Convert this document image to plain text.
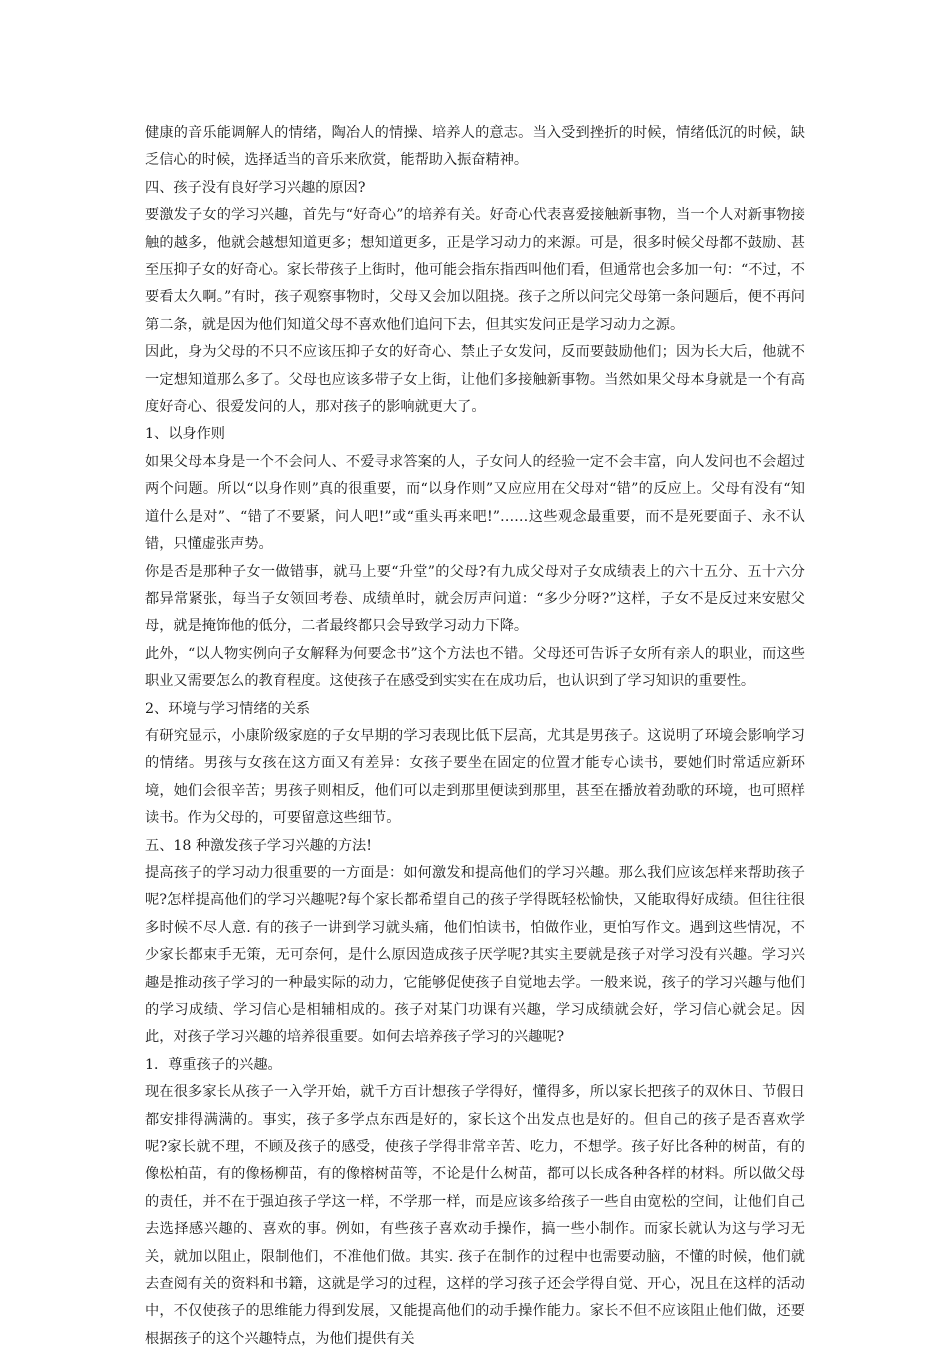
健康的音乐能调解人的情绪，陶冶人的情操、培养人的意志。当入受到挫折的时候，情绪低沉的时候，缺乏信心的时候，选择适当的音乐来欣赏，能帮助入振奋精神。

四、孩子没有良好学习兴趣的原因?

要激发子女的学习兴趣，首先与“好奇心”的培养有关。好奇心代表喜爱接触新事物，当一个人对新事物接触的越多，他就会越想知道更多；想知道更多，正是学习动力的来源。可是，很多时候父母都不鼓励、甚至压抑子女的好奇心。家长带孩子上街时，他可能会指东指西叫他们看，但通常也会多加一句：“不过，不要看太久啊。”有时，孩子观察事物时，父母又会加以阻挠。孩子之所以问完父母第一条问题后，便不再问第二条，就是因为他们知道父母不喜欢他们追问下去，但其实发问正是学习动力之源。

因此，身为父母的不只不应该压抑子女的好奇心、禁止子女发问，反而要鼓励他们；因为长大后，他就不一定想知道那么多了。父母也应该多带子女上街，让他们多接触新事物。当然如果父母本身就是一个有高度好奇心、很爱发问的人，那对孩子的影响就更大了。

1、以身作则

如果父母本身是一个不会问人、不爱寻求答案的人，子女问人的经验一定不会丰富，向人发问也不会超过两个问题。所以“以身作则”真的很重要，而“以身作则”又应应用在父母对“错”的反应上。父母有没有“知道什么是对”、“错了不要紧，问人吧!”或“重头再来吧!”……这些观念最重要，而不是死要面子、永不认错，只懂虚张声势。

你是否是那种子女一做错事，就马上要“升堂”的父母?有九成父母对子女成绩表上的六十五分、五十六分都异常紧张，每当子女领回考卷、成绩单时，就会厉声问道：“多少分呀?”这样，子女不是反过来安慰父母，就是掩饰他的低分，二者最终都只会导致学习动力下降。

此外，“以人物实例向子女解释为何要念书”这个方法也不错。父母还可告诉子女所有亲人的职业，而这些职业又需要怎么的教育程度。这使孩子在感受到实实在在成功后，也认识到了学习知识的重要性。

2、环境与学习情绪的关系

有研究显示，小康阶级家庭的子女早期的学习表现比低下层高，尤其是男孩子。这说明了环境会影响学习的情绪。男孩与女孩在这方面又有差异：女孩子要坐在固定的位置才能专心读书，要她们时常适应新环境，她们会很辛苦；男孩子则相反，他们可以走到那里便读到那里，甚至在播放着劲歌的环境，也可照样读书。作为父母的，可要留意这些细节。

五、18 种激发孩子学习兴趣的方法!

提高孩子的学习动力很重要的一方面是：如何激发和提高他们的学习兴趣。那么我们应该怎样来帮助孩子呢?怎样提高他们的学习兴趣呢?每个家长都希望自己的孩子学得既轻松愉快，又能取得好成绩。但往往很多时候不尽人意. 有的孩子一讲到学习就头痛，他们怕读书，怕做作业，更怕写作文。遇到这些情况，不少家长都束手无策，无可奈何，是什么原因造成孩子厌学呢?其实主要就是孩子对学习没有兴趣。学习兴趣是推动孩子学习的一种最实际的动力，它能够促使孩子自觉地去学。一般来说，孩子的学习兴趣与他们的学习成绩、学习信心是相辅相成的。孩子对某门功课有兴趣，学习成绩就会好，学习信心就会足。因此，对孩子学习兴趣的培养很重要。如何去培养孩子学习的兴趣呢?

1．尊重孩子的兴趣。

现在很多家长从孩子一入学开始，就千方百计想孩子学得好，懂得多，所以家长把孩子的双休日、节假日都安排得满满的。事实，孩子多学点东西是好的，家长这个出发点也是好的。但自己的孩子是否喜欢学呢?家长就不理，不顾及孩子的感受，使孩子学得非常辛苦、吃力，不想学。孩子好比各种的树苗，有的像松柏苗，有的像杨柳苗，有的像榕树苗等，不论是什么树苗，都可以长成各种各样的材料。所以做父母的责任，并不在于强迫孩子学这一样，不学那一样，而是应该多给孩子一些自由宽松的空间，让他们自己去选择感兴趣的、喜欢的事。例如，有些孩子喜欢动手操作，搞一些小制作。而家长就认为这与学习无关，就加以阻止，限制他们，不准他们做。其实. 孩子在制作的过程中也需要动脑，不懂的时候，他们就去查阅有关的资料和书籍，这就是学习的过程，这样的学习孩子还会学得自觉、开心，况且在这样的活动中，不仅使孩子的思维能力得到发展，又能提高他们的动手操作能力。家长不但不应该阻止他们做，还要根据孩子的这个兴趣特点，为他们提供有关
